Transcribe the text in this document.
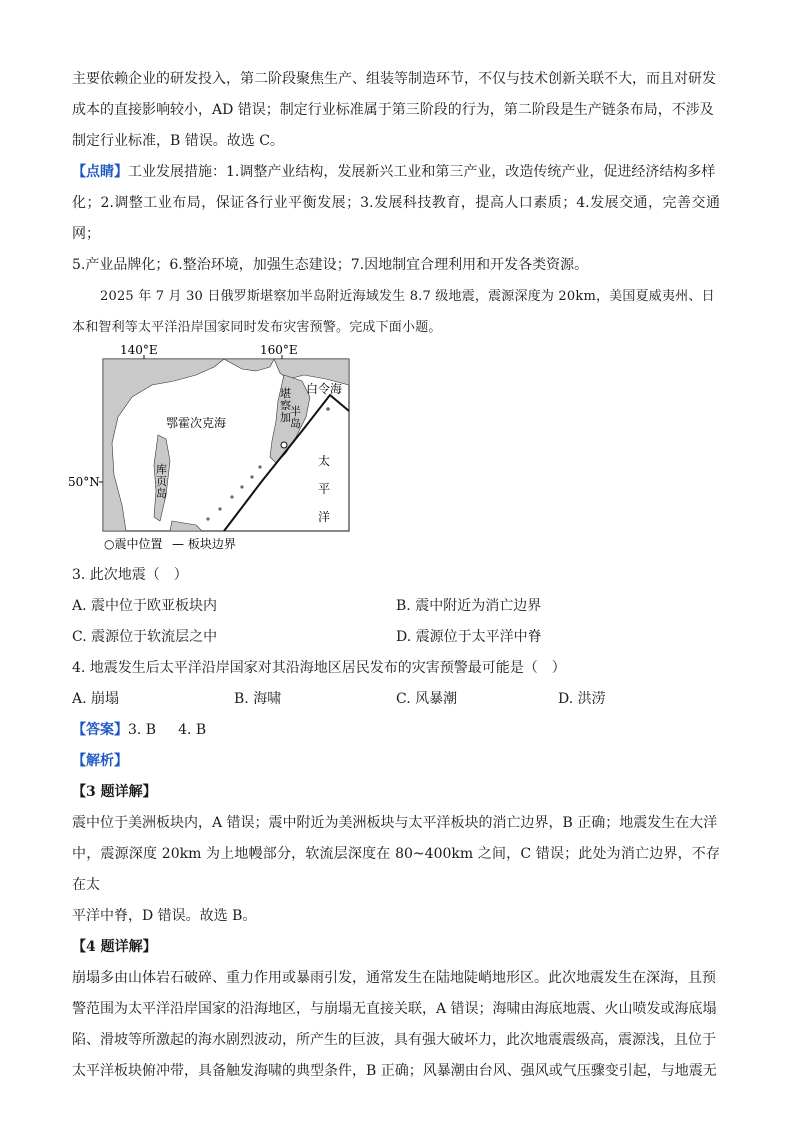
主要依赖企业的研发投入，第二阶段聚焦生产、组装等制造环节，不仅与技术创新关联不大，而且对研发

成本的直接影响较小，AD 错误；制定行业标准属于第三阶段的行为，第二阶段是生产链条布局，不涉及

制定行业标准，B 错误。故选 C。

【点睛】工业发展措施：1.调整产业结构，发展新兴工业和第三产业，改造传统产业，促进经济结构多样

化；2.调整工业布局，保证各行业平衡发展；3.发展科技教育，提高人口素质；4.发展交通，完善交通网；

5.产业品牌化；6.整治环境，加强生态建设；7.因地制宜合理利用和开发各类资源。

2025 年 7 月 30 日俄罗斯堪察加半岛附近海域发生 8.7 级地震，震源深度为 20km，美国夏威夷州、日

本和智利等太平洋沿岸国家同时发布灾害预警。完成下面小题。

140°E	160°E
50°N
鄂霍次克海
白令海
堪
察
加 半
岛
库
页
岛
太
平
洋
○震中位置 — 板块边界

3. 此次地震（　）

A. 震中位于欧亚板块内	B. 震中附近为消亡边界
C. 震源位于软流层之中	D. 震源位于太平洋中脊

4. 地震发生后太平洋沿岸国家对其沿海地区居民发布的灾害预警最可能是（　）

A. 崩塌	B. 海啸	C. 风暴潮	D. 洪涝
【答案】3. B 4. B

【解析】

【3 题详解】

震中位于美洲板块内，A 错误；震中附近为美洲板块与太平洋板块的消亡边界，B 正确；地震发生在大洋

中，震源深度 20km 为上地幔部分，软流层深度在 80~400km 之间，C 错误；此处为消亡边界，不存在太

平洋中脊，D 错误。故选 B。

【4 题详解】

崩塌多由山体岩石破碎、重力作用或暴雨引发，通常发生在陆地陡峭地形区。此次地震发生在深海，且预

警范围为太平洋沿岸国家的沿海地区，与崩塌无直接关联，A 错误；海啸由海底地震、火山喷发或海底塌

陷、滑坡等所激起的海水剧烈波动，所产生的巨波，具有强大破坏力，此次地震震级高，震源浅，且位于

太平洋板块俯冲带，具备触发海啸的典型条件，B 正确；风暴潮由台风、强风或气压骤变引起，与地震无
